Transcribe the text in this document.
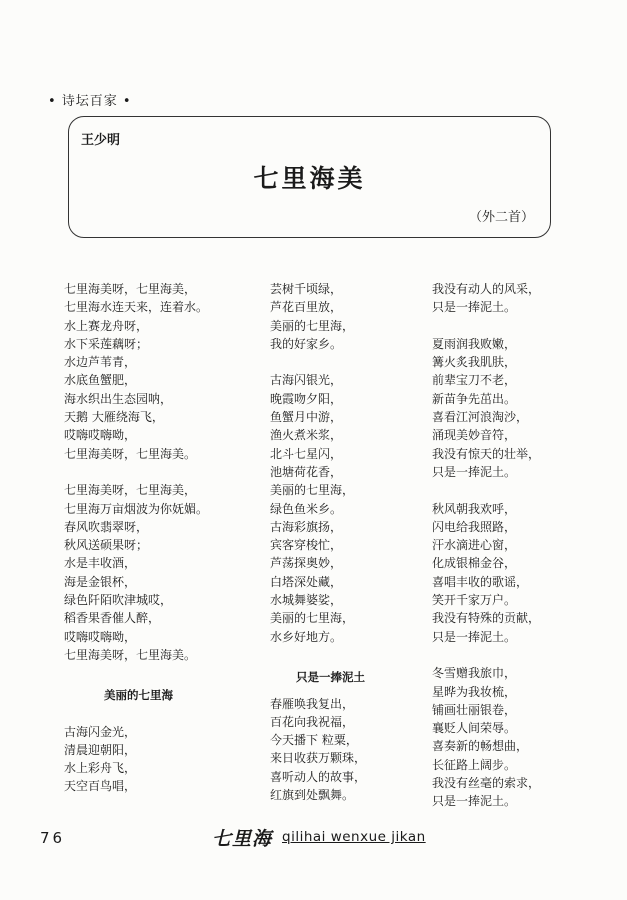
• 诗坛百家 •
王少明
七里海美
（外二首）
七里海美呀，七里海美，
七里海水连天来，连着水。
水上赛龙舟呀，
水下采莲藕呀；
水边芦苇青，
水底鱼蟹肥，
海水织出生态园呐，
天鹅 大雁绕海飞，
哎嗨哎嗨呦，
七里海美呀，七里海美。
七里海美呀，七里海美，
七里海万亩烟波为你妩媚。
春风吹翡翠呀，
秋风送硕果呀；
水是丰收酒，
海是金银杯，
绿色阡陌吹津城哎，
稻香果香催人醉，
哎嗨哎嗨呦，
七里海美呀，七里海美。
美丽的七里海
古海闪金光，
清晨迎朝阳，
水上彩舟飞，
天空百鸟唱，
芸树千顷绿，
芦花百里放，
美丽的七里海，
我的好家乡。
古海闪银光，
晚霞吻夕阳，
鱼蟹月中游，
渔火煮米浆，
北斗七星闪，
池塘荷花香，
美丽的七里海，
绿色鱼米乡。
古海彩旗扬，
宾客穿梭忙，
芦荡探奥妙，
白塔深处藏，
水城舞婆娑，
美丽的七里海，
水乡好地方。
只是一捧泥土
春雁唤我复出，
百花向我祝福，
今天播下 粒粟，
来日收获万颗珠，
喜听动人的故事，
红旗到处飘舞。
我没有动人的风采，
只是一捧泥土。
夏雨润我败嫩，
篝火炙我肌肤，
前辈宝刀不老，
新苗争先茁出。
喜看江河浪淘沙，
涌现美妙音符，
我没有惊天的壮举，
只是一捧泥土。
秋风朝我欢呼，
闪电给我照路，
汗水滴进心窗，
化成银棉金谷，
喜唱丰收的歌谣，
笑开千家万户。
我没有特殊的贡献，
只是一捧泥土。
冬雪赠我旅巾，
星晔为我妆梳，
铺画壮丽银卷，
襄贬人间荣辱。
喜奏新的畅想曲，
长征路上阔步。
我没有丝毫的索求，
只是一捧泥土。
76	七里海 qilihai wenxue jikan
